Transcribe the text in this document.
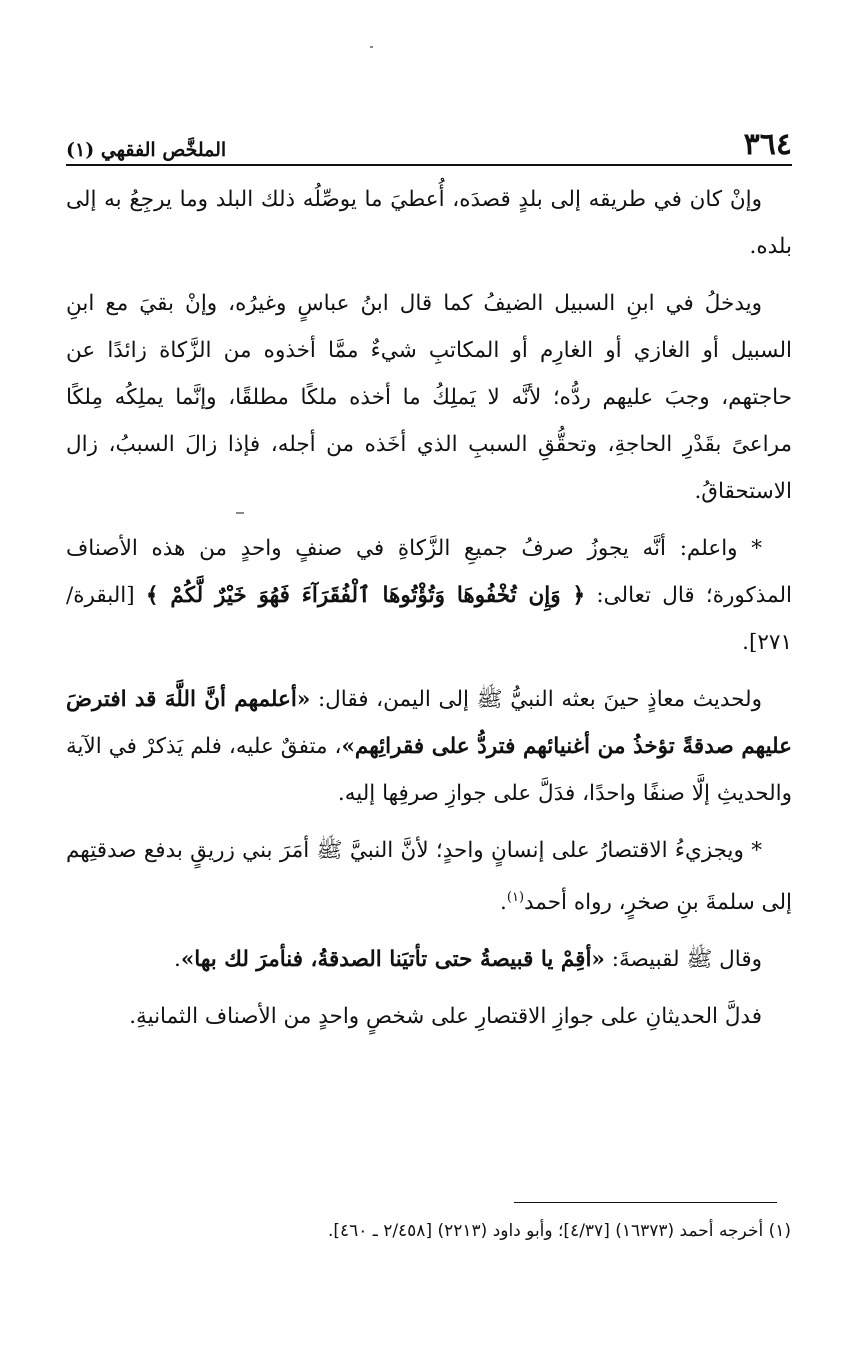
٣٦٤
الملخَّص الفقهي (١)

وإنْ كان في طريقه إلى بلدٍ قصدَه، أُعطيَ ما يوصِّلُه ذلك البلد وما يرجِعُ به إلى بلده.

ويدخلُ في ابنِ السبيل الضيفُ كما قال ابنُ عباسٍ وغيرُه، وإنْ بقيَ مع ابنِ السبيل أو الغازي أو الغارِم أو المكاتبِ شيءٌ ممَّا أخذوه من الزَّكاة زائدًا عن حاجتهم، وجبَ عليهم ردُّه؛ لأنَّه لا يَملِكُ ما أخذه ملكًا مطلقًا، وإنَّما يملِكُه مِلكًا مراعىً بقَدْرِ الحاجةِ، وتحقُّقِ السببِ الذي أخَذه من أجله، فإذا زالَ السببُ، زال الاستحقاقُ.

* واعلم: أنَّه يجوزُ صرفُ جميعِ الزَّكاةِ في صنفٍ واحدٍ من هذه الأصناف المذكورة؛ قال تعالى: ﴿ وَإِن تُخْفُوهَا وَتُؤْتُوهَا ٱلْفُقَرَآءَ فَهُوَ خَيْرٌ لَّكُمْ ﴾ [البقرة/ ٢٧١].

ولحديث معاذٍ حينَ بعثه النبيُّ ﷺ إلى اليمن، فقال: «أعلمهم أنَّ اللَّهَ قد افترضَ عليهم صدقةً تؤخذُ من أغنيائهم فتردُّ على فقرائِهم»، متفقٌ عليه، فلم يَذكرْ في الآية والحديثِ إلَّا صنفًا واحدًا، فدَلَّ على جوازِ صرفِها إليه.

* ويجزيءُ الاقتصارُ على إنسانٍ واحدٍ؛ لأنَّ النبيَّ ﷺ أمَرَ بني زريقٍ بدفع صدقتِهم إلى سلمةَ بنِ صخرٍ، رواه أحمد$^{(١)}$.

وقال ﷺ لقبيصةَ: «أقِمْ يا قبيصةُ حتى تأتيَنا الصدقةُ، فنأمرَ لك بها».

فدلَّ الحديثانِ على جوازِ الاقتصارِ على شخصٍ واحدٍ من الأصناف الثمانيةِ.

(١) أخرجه أحمد (١٦٣٧٣) [٤/٣٧]؛ وأبو داود (٢٢١٣) [٢/٤٥٨ ـ ٤٦٠].
